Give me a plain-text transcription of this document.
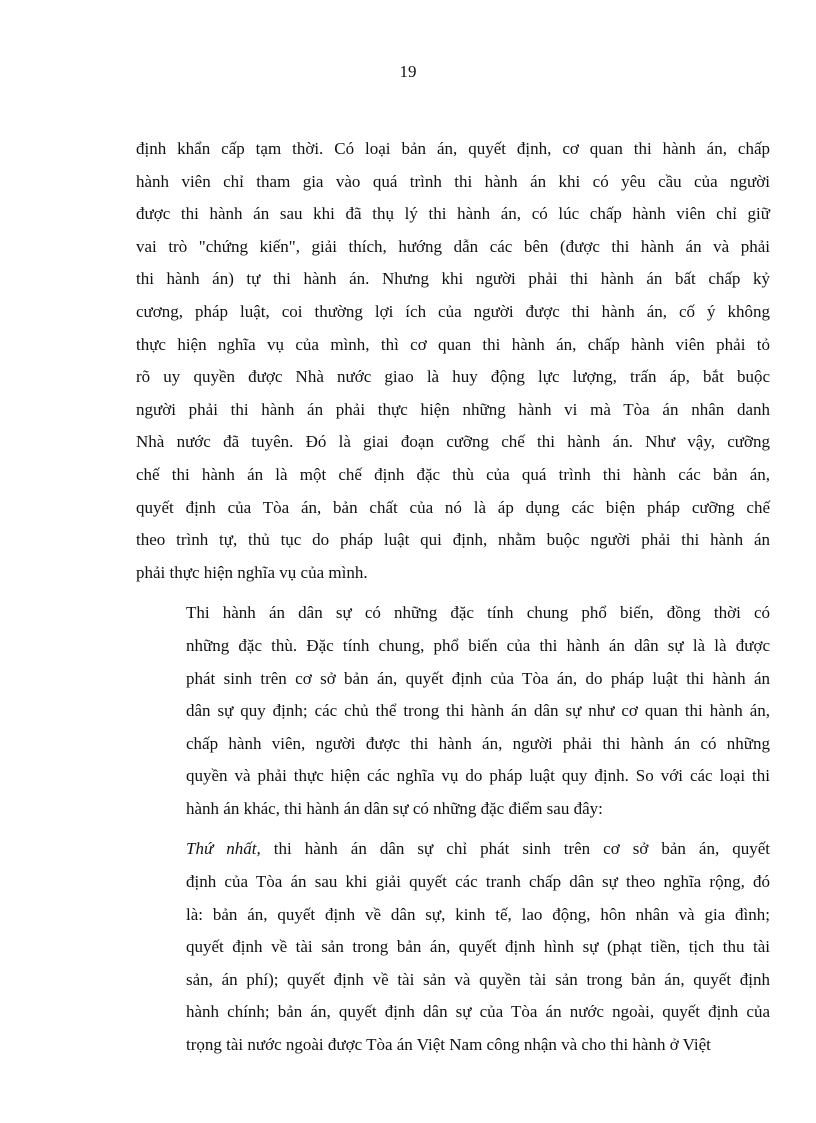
19

định khẩn cấp tạm thời. Có loại bản án, quyết định, cơ quan thi hành án, chấp
hành viên chỉ tham gia vào quá trình thi hành án khi có yêu cầu của người
được thi hành án sau khi đã thụ lý thi hành án, có lúc chấp hành viên chỉ giữ
vai trò "chứng kiến", giải thích, hướng dẫn các bên (được thi hành án và phải
thi hành án) tự thi hành án. Nhưng khi người phải thi hành án bất chấp kỷ
cương, pháp luật, coi thường lợi ích của người được thi hành án, cố ý không
thực hiện nghĩa vụ của mình, thì cơ quan thi hành án, chấp hành viên phải tỏ
rõ uy quyền được Nhà nước giao là huy động lực lượng, trấn áp, bắt buộc
người phải thi hành án phải thực hiện những hành vi mà Tòa án nhân danh
Nhà nước đã tuyên. Đó là giai đoạn cưỡng chế thi hành án. Như vậy, cưỡng
chế thi hành án là một chế định đặc thù của quá trình thi hành các bản án,
quyết định của Tòa án, bản chất của nó là áp dụng các biện pháp cưỡng chế
theo trình tự, thủ tục do pháp luật qui định, nhằm buộc người phải thi hành án
phải thực hiện nghĩa vụ của mình.

Thi hành án dân sự có những đặc tính chung phổ biến, đồng thời có
những đặc thù. Đặc tính chung, phổ biến của thi hành án dân sự là là được
phát sinh trên cơ sở bản án, quyết định của Tòa án, do pháp luật thi hành án
dân sự quy định; các chủ thể trong thi hành án dân sự như cơ quan thi hành án,
chấp hành viên, người được thi hành án, người phải thi hành án có những
quyền và phải thực hiện các nghĩa vụ do pháp luật quy định. So với các loại thi
hành án khác, thi hành án dân sự có những đặc điểm sau đây:

Thứ nhất, thi hành án dân sự chỉ phát sinh trên cơ sở bản án, quyết
định của Tòa án sau khi giải quyết các tranh chấp dân sự theo nghĩa rộng, đó
là: bản án, quyết định về dân sự, kinh tế, lao động, hôn nhân và gia đình;
quyết định về tài sản trong bản án, quyết định hình sự (phạt tiền, tịch thu tài
sản, án phí); quyết định về tài sản và quyền tài sản trong bản án, quyết định
hành chính; bản án, quyết định dân sự của Tòa án nước ngoài, quyết định của
trọng tài nước ngoài được Tòa án Việt Nam công nhận và cho thi hành ở Việt
